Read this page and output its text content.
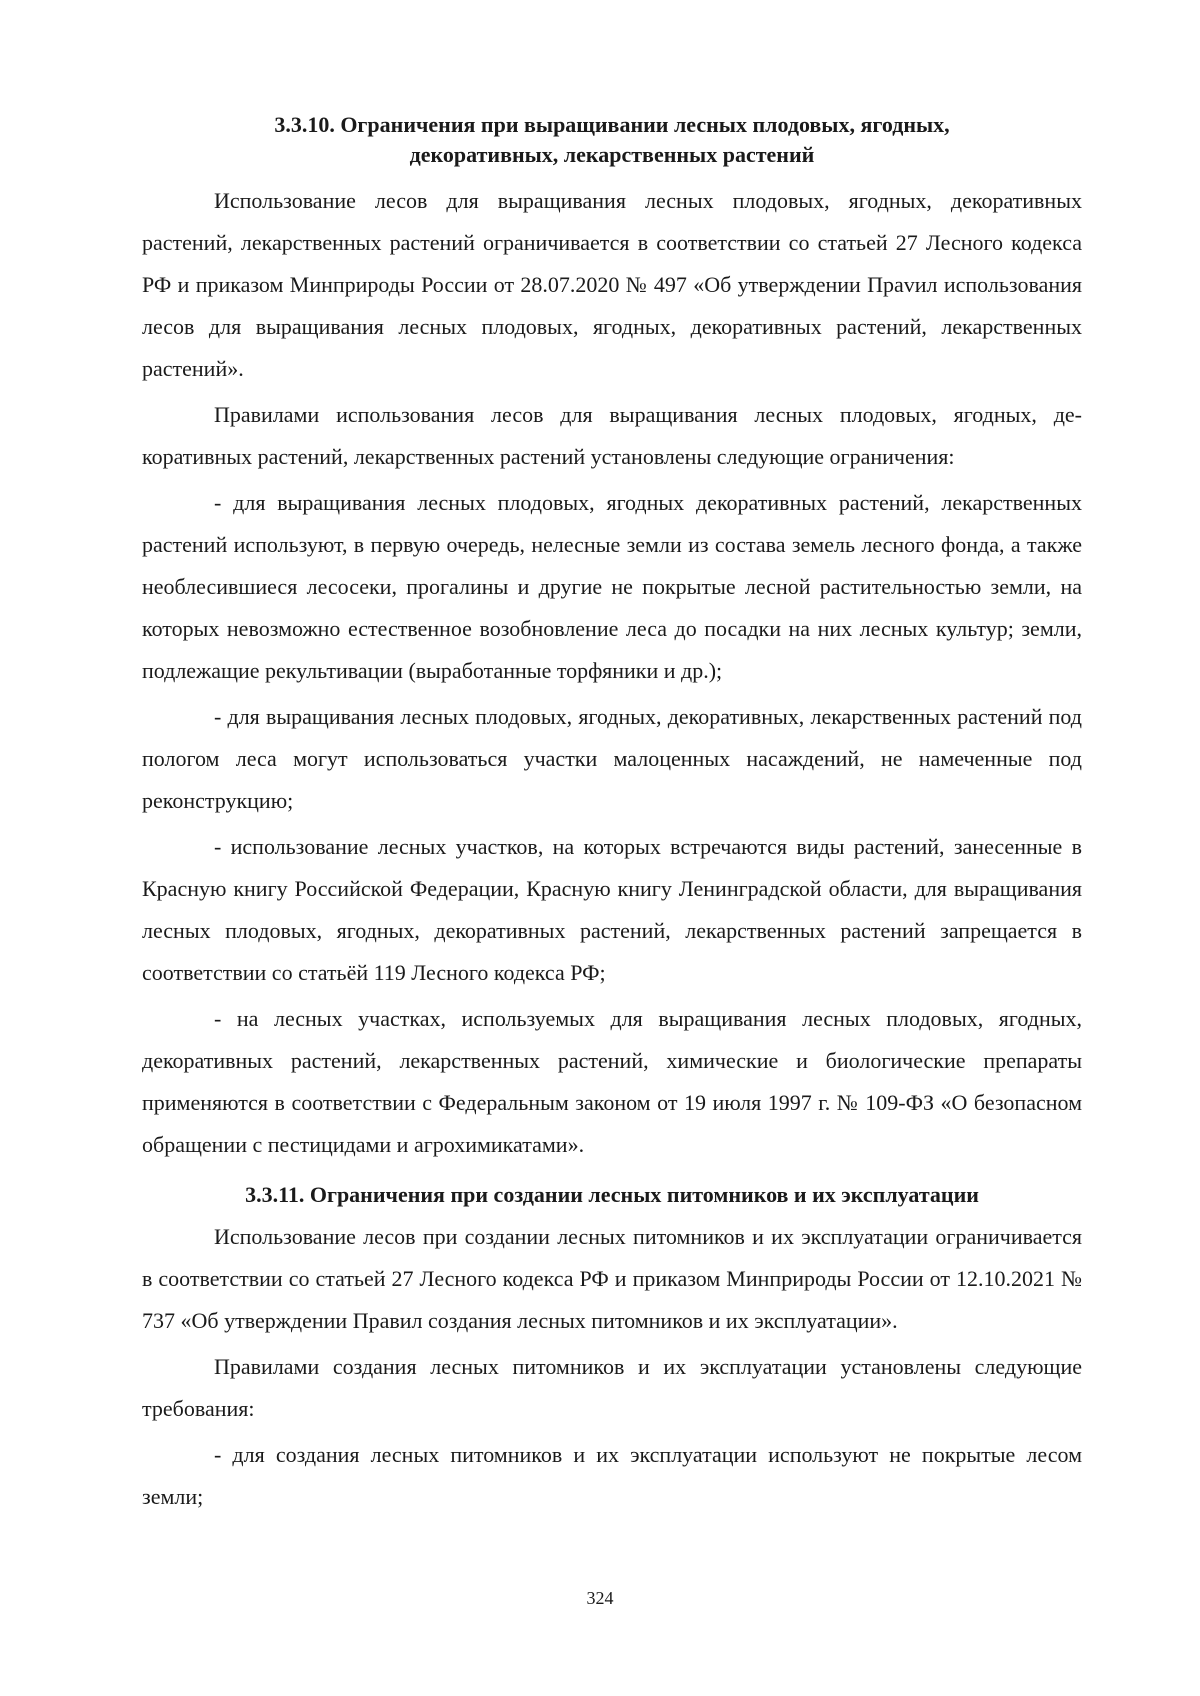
3.3.10. Ограничения при выращивании лесных плодовых, ягодных,
декоративных, лекарственных растений

Использование лесов для выращивания лесных плодовых, ягодных, декоративных растений, лекарственных растений ограничивается в соответствии со статьей 27 Лесного кодекса РФ и приказом Минприроды России от 28.07.2020 № 497 «Об утверждении Праvил использования лесов для выращивания лесных плодовых, ягодных, декоративных растений, лекарственных растений».

Правилами использования лесов для выращивания лесных плодовых, ягодных, декоративных растений, лекарственных растений установлены следующие ограничения:

- для выращивания лесных плодовых, ягодных декоративных растений, лекарственных растений используют, в первую очередь, нелесные земли из состава земель лесного фонда, а также необлесившиеся лесосеки, прогалины и другие не покрытые лесной растительностью земли, на которых невозможно естественное возобновление леса до посадки на них лесных культур; земли, подлежащие рекультивации (выработанные торфяники и др.);

- для выращивания лесных плодовых, ягодных, декоративных, лекарственных растений под пологом леса могут использоваться участки малоценных насаждений, не намеченные под реконструкцию;

- использование лесных участков, на которых встречаются виды растений, занесенные в Красную книгу Российской Федерации, Красную книгу Ленинградской области, для выращивания лесных плодовых, ягодных, декоративных растений, лекарственных растений запрещается в соответствии со статьёй 119 Лесного кодекса РФ;

- на лесных участках, используемых для выращивания лесных плодовых, ягодных, декоративных растений, лекарственных растений, химические и биологические препараты применяются в соответствии с Федеральным законом от 19 июля 1997 г. № 109-ФЗ «О безопасном обращении с пестицидами и агрохимикатами».

3.3.11. Ограничения при создании лесных питомников и их эксплуатации

Использование лесов при создании лесных питомников и их эксплуатации ограничивается в соответствии со статьей 27 Лесного кодекса РФ и приказом Минприроды России от 12.10.2021 № 737 «Об утверждении Правил создания лесных питомников и их эксплуатации».

Правилами создания лесных питомников и их эксплуатации установлены следующие требования:

- для создания лесных питомников и их эксплуатации используют не покрытые лесом земли;

324
